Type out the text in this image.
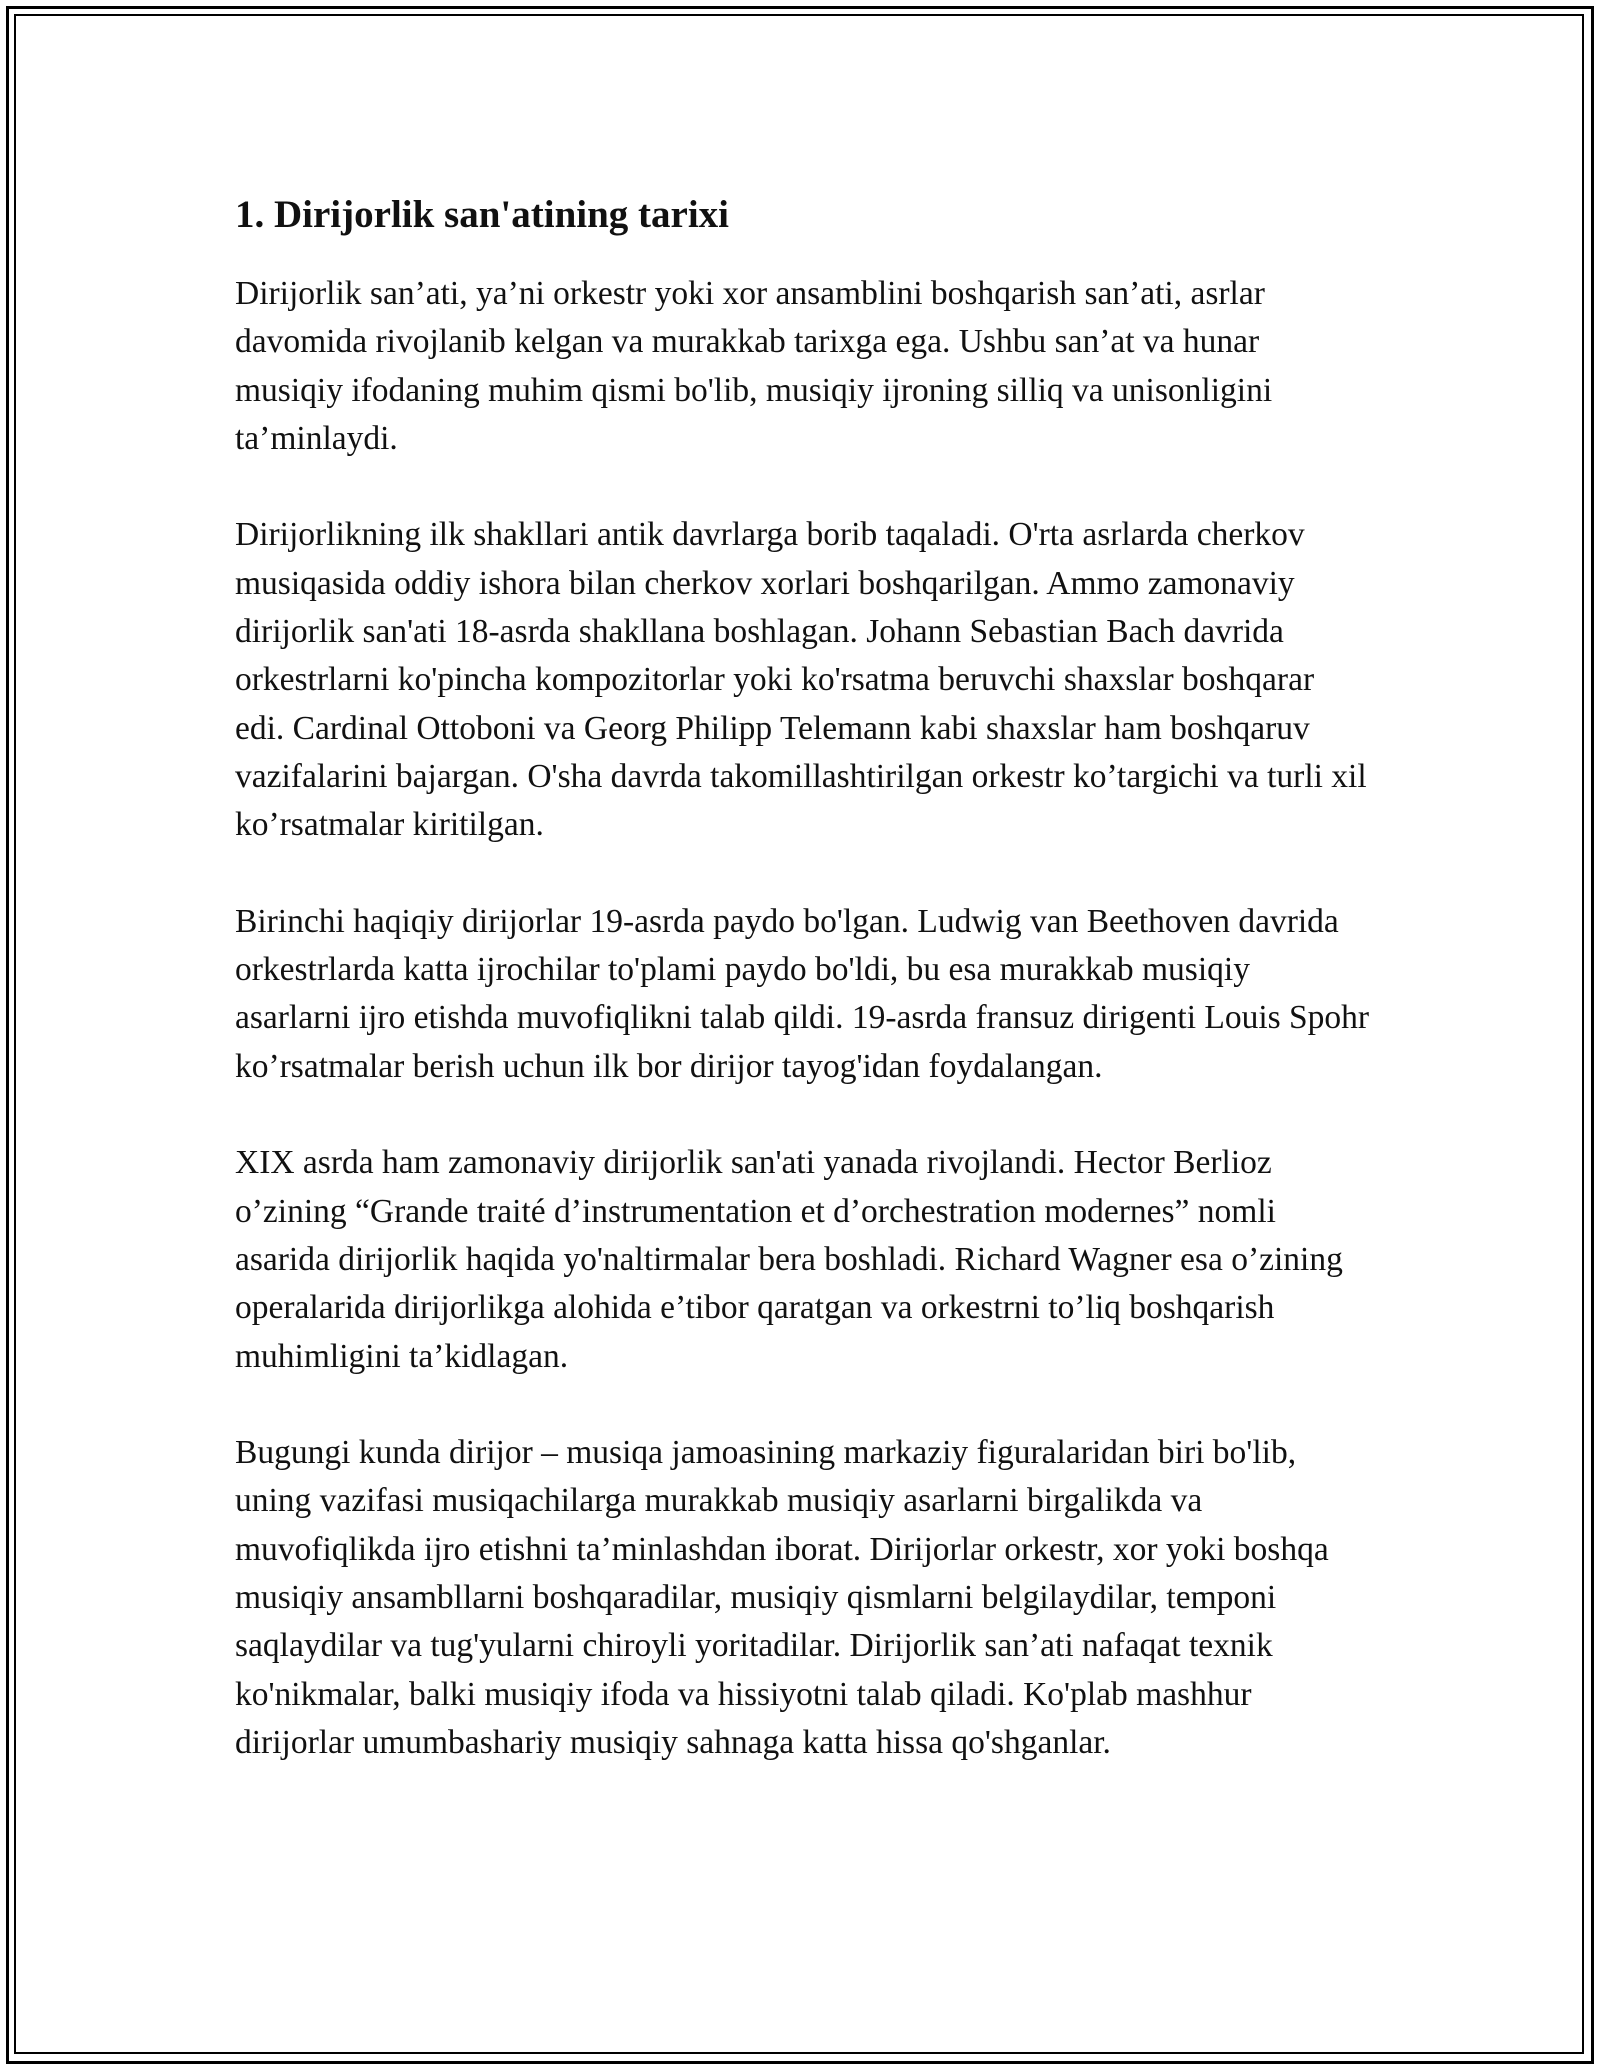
1. Dirijorlik san'atining tarixi

Dirijorlik san’ati, ya’ni orkestr yoki xor ansamblini boshqarish san’ati, asrlar davomida rivojlanib kelgan va murakkab tarixga ega. Ushbu san’at va hunar musiqiy ifodaning muhim qismi bo'lib, musiqiy ijroning silliq va unisonligini ta’minlaydi.

Dirijorlikning ilk shakllari antik davrlarga borib taqaladi. O'rta asrlarda cherkov musiqasida oddiy ishora bilan cherkov xorlari boshqarilgan. Ammo zamonaviy dirijorlik san'ati 18-asrda shakllana boshlagan. Johann Sebastian Bach davrida orkestrlarni ko'pincha kompozitorlar yoki ko'rsatma beruvchi shaxslar boshqarar edi. Cardinal Ottoboni va Georg Philipp Telemann kabi shaxslar ham boshqaruv vazifalarini bajargan. O'sha davrda takomillashtirilgan orkestr ko’targichi va turli xil ko’rsatmalar kiritilgan.

Birinchi haqiqiy dirijorlar 19-asrda paydo bo'lgan. Ludwig van Beethoven davrida orkestrlarda katta ijrochilar to'plami paydo bo'ldi, bu esa murakkab musiqiy asarlarni ijro etishda muvofiqlikni talab qildi. 19-asrda fransuz dirigenti Louis Spohr ko’rsatmalar berish uchun ilk bor dirijor tayog'idan foydalangan.

XIX asrda ham zamonaviy dirijorlik san'ati yanada rivojlandi. Hector Berlioz o’zining “Grande traité d’instrumentation et d’orchestration modernes” nomli asarida dirijorlik haqida yo'naltirmalar bera boshladi. Richard Wagner esa o’zining operalarida dirijorlikga alohida e’tibor qaratgan va orkestrni to’liq boshqarish muhimligini ta’kidlagan.

Bugungi kunda dirijor – musiqa jamoasining markaziy figuralaridan biri bo'lib, uning vazifasi musiqachilarga murakkab musiqiy asarlarni birgalikda va muvofiqlikda ijro etishni ta’minlashdan iborat. Dirijorlar orkestr, xor yoki boshqa musiqiy ansambllarni boshqaradilar, musiqiy qismlarni belgilaydilar, temponi saqlaydilar va tug'yularni chiroyli yoritadilar. Dirijorlik san’ati nafaqat texnik ko'nikmalar, balki musiqiy ifoda va hissiyotni talab qiladi. Ko'plab mashhur dirijorlar umumbashariy musiqiy sahnaga katta hissa qo'shganlar.
